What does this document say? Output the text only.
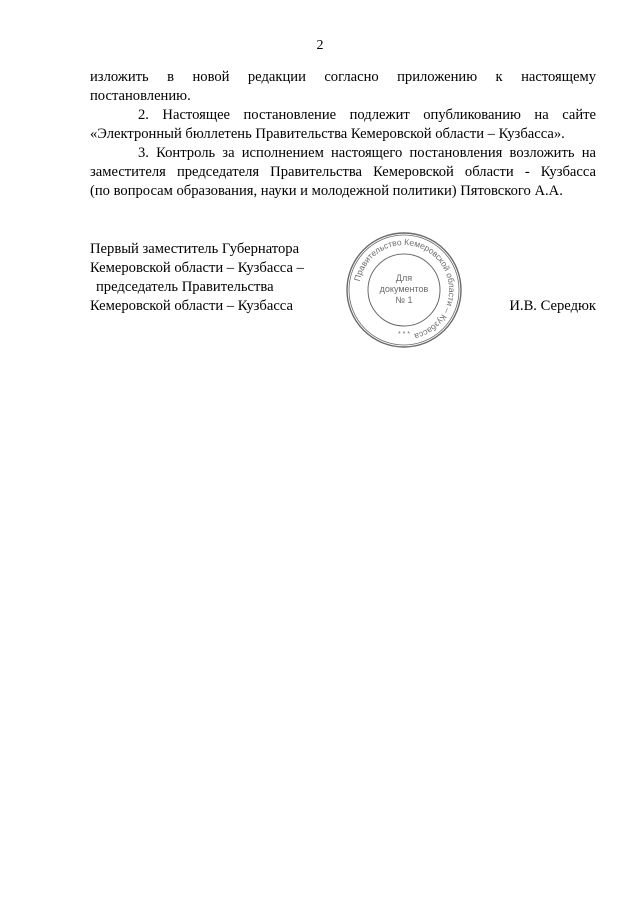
2
изложить в новой редакции согласно приложению к настоящему
постановлению.
2. Настоящее постановление подлежит опубликованию на сайте
«Электронный бюллетень Правительства Кемеровской области – Кузбасса».
3. Контроль за исполнением настоящего постановления возложить на
заместителя председателя Правительства Кемеровской области - Кузбасса
(по вопросам образования, науки и молодежной политики) Пятовского А.А.
Первый заместитель Губернатора
Кемеровской области – Кузбасса –
председатель Правительства
Кемеровской области – Кузбасса
Правительство Кемеровской области – Кузбасса
Для
документов
№ 1
* * *
И.В. Середюк
